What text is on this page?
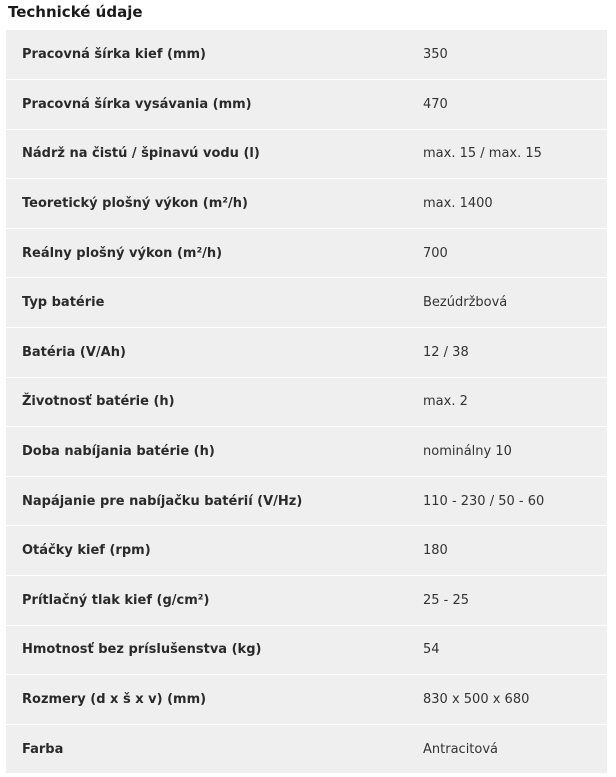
Technické údaje
Pracovná šírka kief (mm)	350
Pracovná šírka vysávania (mm)	470
Nádrž na čistú / špinavú vodu (l)	max. 15 / max. 15
Teoretický plošný výkon (m²/h)	max. 1400
Reálny plošný výkon (m²/h)	700
Typ batérie	Bezúdržbová
Batéria (V/Ah)	12 / 38
Životnosť batérie (h)	max. 2
Doba nabíjania batérie (h)	nominálny 10
Napájanie pre nabíjačku batérií (V/Hz)	110 - 230 / 50 - 60
Otáčky kief (rpm)	180
Prítlačný tlak kief (g/cm²)	25 - 25
Hmotnosť bez príslušenstva (kg)	54
Rozmery (d x š x v) (mm)	830 x 500 x 680
Farba	Antracitová
